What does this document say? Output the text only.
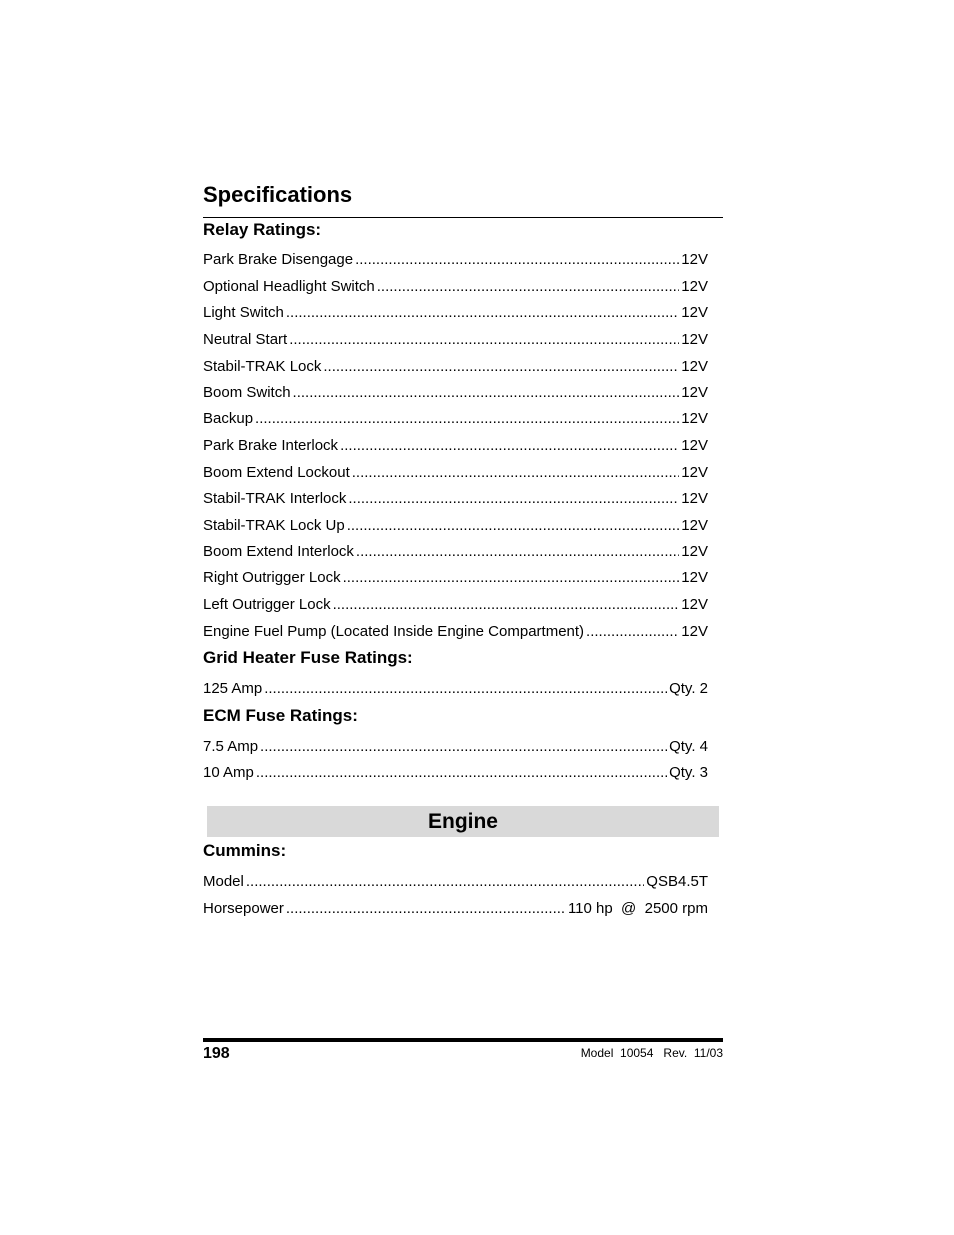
Specifications
Relay Ratings:
Park Brake Disengage .....	12V
Optional Headlight Switch .....	12V
Light Switch .....	12V
Neutral Start .....	12V
Stabil-TRAK Lock .....	12V
Boom Switch .....	12V
Backup .....	12V
Park Brake Interlock .....	12V
Boom Extend Lockout .....	12V
Stabil-TRAK Interlock .....	12V
Stabil-TRAK Lock Up .....	12V
Boom Extend Interlock .....	12V
Right Outrigger Lock .....	12V
Left Outrigger Lock .....	12V
Engine Fuel Pump (Located Inside Engine Compartment) .....	12V
Grid Heater Fuse Ratings:
125 Amp .....	Qty. 2
ECM Fuse Ratings:
7.5 Amp .....	Qty. 4
10 Amp .....	Qty. 3
Engine
Cummins:
Model .....	QSB4.5T
Horsepower .....	110 hp  @  2500 rpm
198	Model  10054   Rev.  11/03
